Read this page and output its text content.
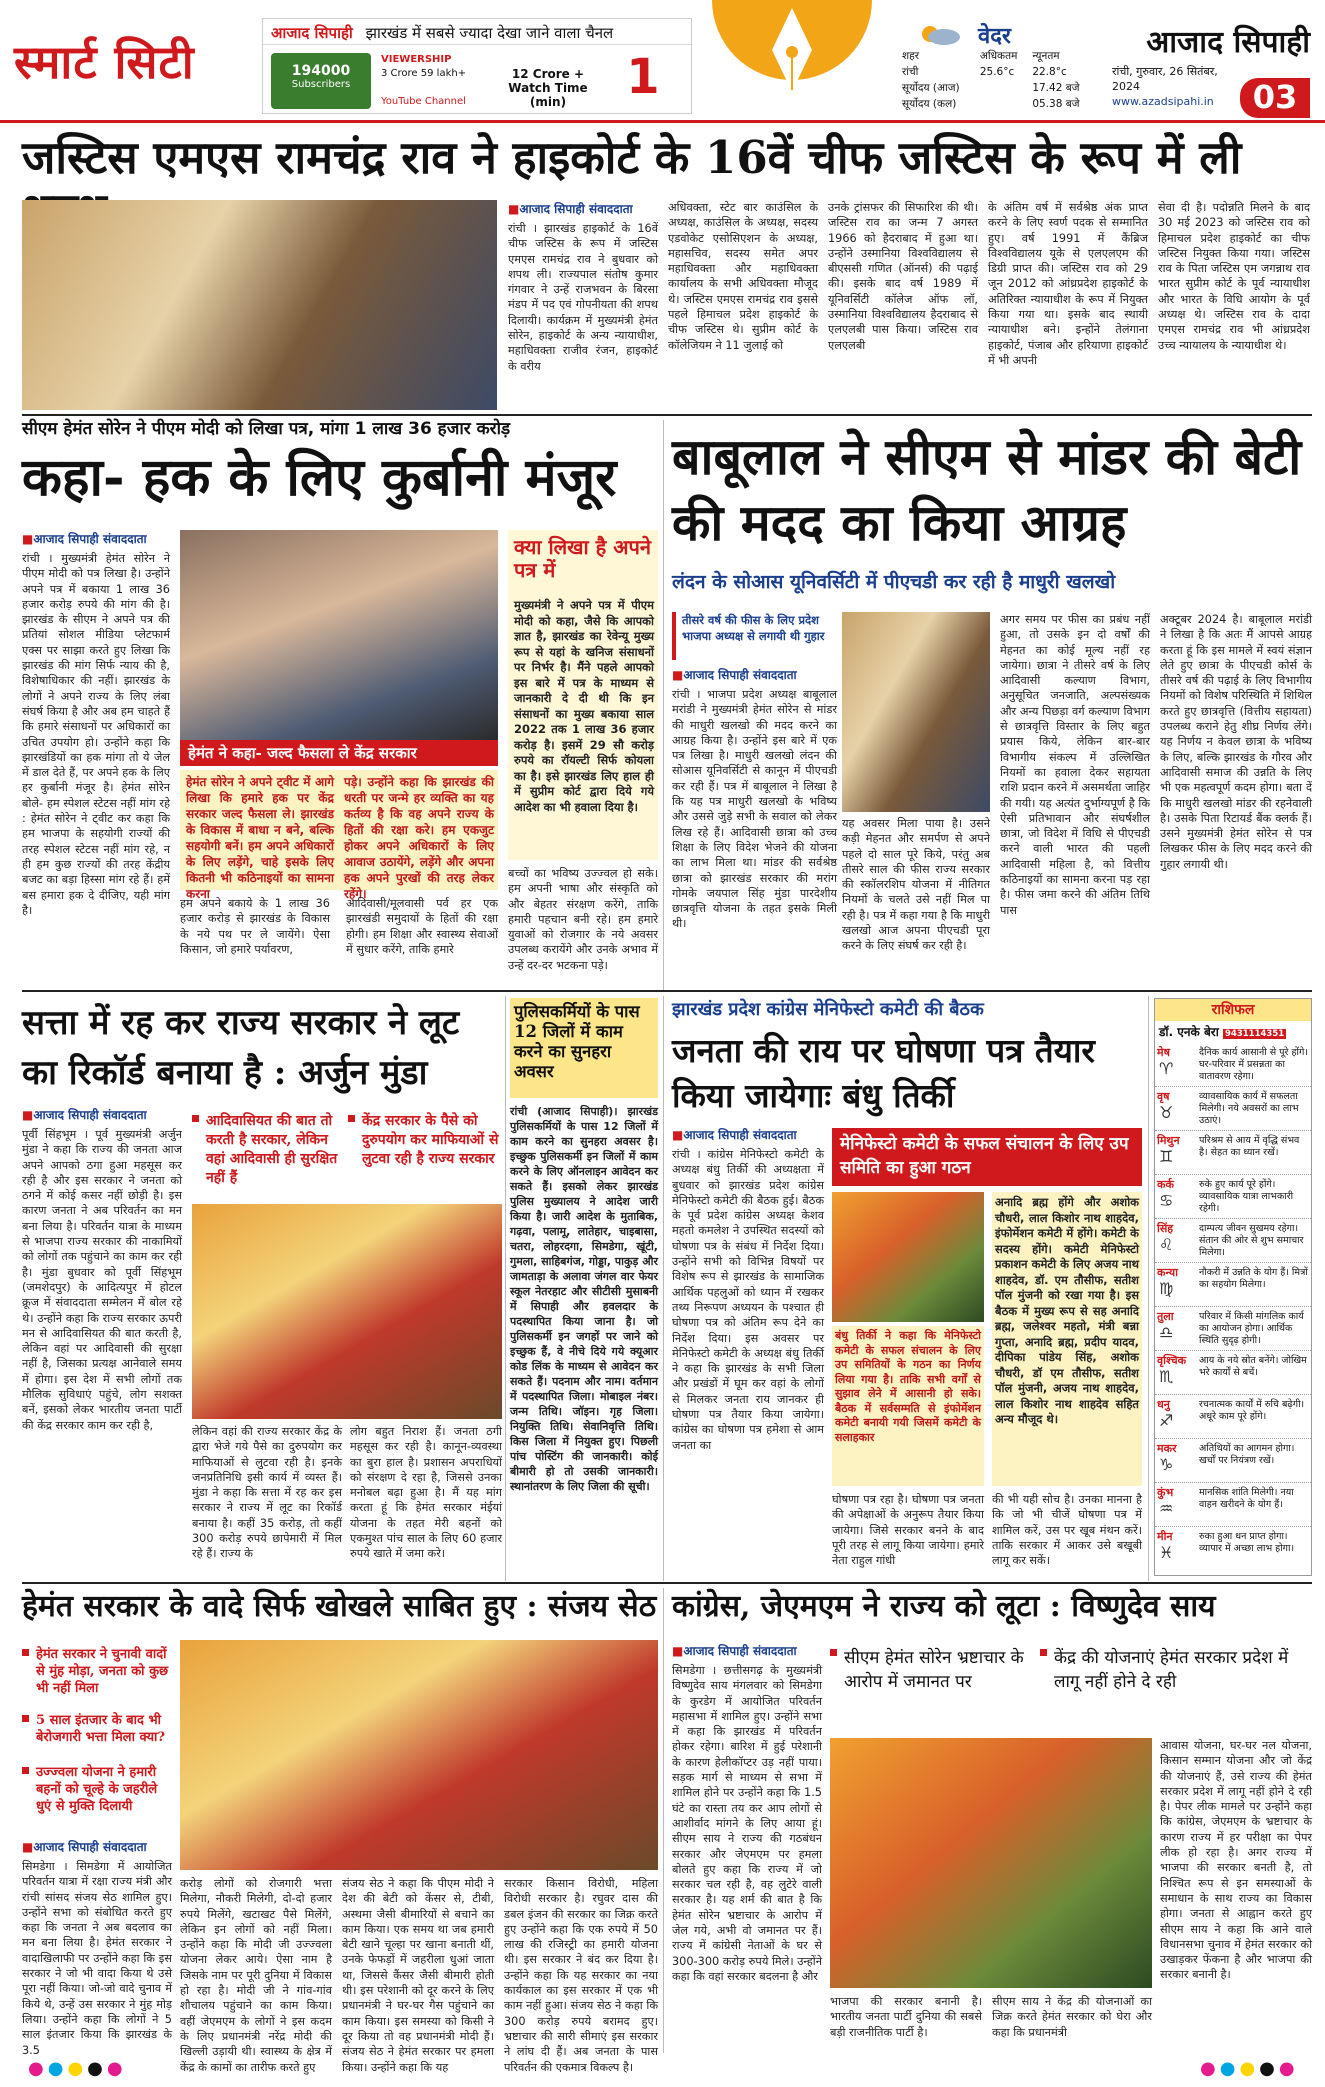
स्मार्ट सिटी
आजाद सिपाही झारखंड में सबसे ज्यादा देखा जाने वाला चैनल
194000
Subscribers
VIEWERSHIP
3 Crore 59 lakh+
YouTube Channel
12 Crore + Watch Time (min)	1
वेदर
शहर	अधिकतम	न्यूनतम
रांची	25.6°c	22.8°c
सूर्योदय (आज)		17.42 बजे
सूर्योदय (कल)		05.38 बजे
आजाद सिपाही
रांची, गुरुवार, 26 सितंबर, 2024
www.azadsipahi.in	03
जस्टिस एमएस रामचंद्र राव ने हाइकोर्ट के 16वें चीफ जस्टिस के रूप में ली
■ आजाद सिपाही संवाददाता
रांची । झारखंड हाइकोर्ट के 16वें चीफ जस्टिस के रूप में जस्टिस एमएस रामचंद्र राव ने बुधवार को शपथ ली। राज्यपाल संतोष कुमार गंगवार ने उन्हें राजभवन के बिरसा मंडप में पद एवं गोपनीयता की शपथ दिलायी। कार्यक्रम में मुख्यमंत्री हेमंत सोरेन, हाइकोर्ट के अन्य न्यायाधीश, महाधिवक्ता राजीव रंजन, हाइकोर्ट के वरीय
अधिवक्ता, स्टेट बार काउंसिल के अध्यक्ष, काउंसिल के अध्यक्ष, सदस्य एडवोकेट एसोसिएशन के अध्यक्ष, महासचिव, सदस्य समेत अपर महाधिवक्ता और महाधिवक्ता कार्यालय के सभी अधिवक्ता मौजूद थे। जस्टिस एमएस रामचंद्र राव इससे पहले हिमाचल प्रदेश हाइकोर्ट के चीफ जस्टिस थे। सुप्रीम कोर्ट के कॉलेजियम ने 11 जुलाई को
उनके ट्रांसफर की सिफारिश की थी। जस्टिस राव का जन्म 7 अगस्त 1966 को हैदराबाद में हुआ था। उन्होंने उस्मानिया विश्वविद्यालय से बीएससी गणित (ऑनर्स) की पढ़ाई की। इसके बाद वर्ष 1989 में यूनिवर्सिटी कॉलेज ऑफ लॉ, उस्मानिया विश्वविद्यालय हैदराबाद से एलएलबी पास किया। जस्टिस राव एलएलबी
के अंतिम वर्ष में सर्वश्रेष्ठ अंक प्राप्त करने के लिए स्वर्ण पदक से सम्मानित हुए। वर्ष 1991 में कैंब्रिज विश्वविद्यालय यूके से एलएलएम की डिग्री प्राप्त की। जस्टिस राव को 29 जून 2012 को आंध्रप्रदेश हाइकोर्ट के अतिरिक्त न्यायाधीश के रूप में नियुक्त किया गया था। इसके बाद स्थायी न्यायाधीश बने। इन्होंने तेलंगाना हाइकोर्ट, पंजाब और हरियाणा हाइकोर्ट में भी अपनी
सेवा दी है। पदोन्नति मिलने के बाद 30 मई 2023 को जस्टिस राव को हिमाचल प्रदेश हाइकोर्ट का चीफ जस्टिस नियुक्त किया गया। जस्टिस राव के पिता जस्टिस एम जगन्नाथ राव भारत सुप्रीम कोर्ट के पूर्व न्यायाधीश और भारत के विधि आयोग के पूर्व अध्यक्ष थे। जस्टिस राव के दादा एमएस रामचंद्र राव भी आंध्रप्रदेश उच्च न्यायालय के न्यायाधीश थे।
सीएम हेमंत सोरेन ने पीएम मोदी को लिखा पत्र, मांगा 1 लाख 36 हजार करोड़
कहा- हक के लिए कुर्बानी मंजूर
■ आजाद सिपाही संवाददाता
रांची । मुख्यमंत्री हेमंत सोरेन ने पीएम मोदी को पत्र लिखा है। उन्होंने अपने पत्र में बकाया 1 लाख 36 हजार करोड़ रुपये की मांग की है। झारखंड के सीएम ने अपने पत्र की प्रतियां सोशल मीडिया प्लेटफार्म एक्स पर साझा करते हुए लिखा कि झारखंड की मांग सिर्फ न्याय की है, विशेषाधिकार की नहीं। झारखंड के लोगों ने अपने राज्य के लिए लंबा संघर्ष किया है और अब हम चाहते हैं कि हमारे संसाधनों पर अधिकारों का उचित उपयोग हो। उन्होंने कहा कि झारखंडियों का हक मांगा तो ये जेल में डाल देते हैं, पर अपने हक के लिए हर कुर्बानी मंजूर है। हेमंत सोरेन बोले- हम स्पेशल स्टेटस नहीं मांग रहे : हेमंत सोरेन ने ट्वीट कर कहा कि हम भाजपा के सहयोगी राज्यों की तरह स्पेशल स्टेटस नहीं मांग रहे, न ही हम कुछ राज्यों की तरह केंद्रीय बजट का बड़ा हिस्सा मांग रहे हैं। हमें बस हमारा हक दे दीजिए, यही मांग है।
हेमंत ने कहा- जल्द फैसला ले केंद्र सरकार
हेमंत सोरेन ने अपने ट्वीट में आगे लिखा कि हमारे हक पर केंद्र सरकार जल्द फैसला ले। झारखंड के विकास में बाधा न बने, बल्कि सहयोगी बनें। हम अपने अधिकारों के लिए लड़ेंगे, चाहे इसके लिए कितनी भी कठिनाइयों का सामना करना
पड़े। उन्होंने कहा कि झारखंड की धरती पर जन्मे हर व्यक्ति का यह कर्तव्य है कि वह अपने राज्य के हितों की रक्षा करे। हम एकजुट होकर अपने अधिकारों के लिए आवाज उठायेंगे, लड़ेंगे और अपना हक अपने पुरखों की तरह लेकर रहेंगे।
हम अपने बकाये के 1 लाख 36 हजार करोड़ से झारखंड के विकास के नये पथ पर ले जायेंगे। ऐसा किसान, जो हमारे पर्यावरण,
आदिवासी/मूलवासी पर्व हर एक झारखंडी समुदायों के हितों की रक्षा होगी। हम शिक्षा और स्वास्थ्य सेवाओं में सुधार करेंगे, ताकि हमारे
क्या लिखा है अपने पत्र में
मुख्यमंत्री ने अपने पत्र में पीएम मोदी को कहा, जैसे कि आपको ज्ञात है, झारखंड का रेवेन्यू मुख्य रूप से यहां के खनिज संसाधनों पर निर्भर है। मैंने पहले आपको इस बारे में पत्र के माध्यम से जानकारी दे दी थी कि इन संसाधनों का मुख्य बकाया साल 2022 तक 1 लाख 36 हजार करोड़ है। इसमें 29 सौ करोड़ रुपये का रॉयल्टी सिर्फ कोयला का है। इसे झारखंड लिए हाल ही में सुप्रीम कोर्ट द्वारा दिये गये आदेश का भी हवाला दिया है।
बच्चों का भविष्य उज्ज्वल हो सके। हम अपनी भाषा और संस्कृति को और बेहतर संरक्षण करेंगे, ताकि हमारी पहचान बनी रहे। हम हमारे युवाओं को रोजगार के नये अवसर उपलब्ध करायेंगे और उनके अभाव में उन्हें दर-दर भटकना पड़े।
बाबूलाल ने सीएम से मांडर की बेटी की मदद का किया आग्रह
लंदन के सोआस यूनिवर्सिटी में पीएचडी कर रही है माधुरी खलखो
तीसरे वर्ष की फीस के लिए प्रदेश भाजपा अध्यक्ष से लगायी थी गुहार
■ आजाद सिपाही संवाददाता
रांची । भाजपा प्रदेश अध्यक्ष बाबूलाल मरांडी ने मुख्यमंत्री हेमंत सोरेन से मांडर की माधुरी खलखो की मदद करने का आग्रह किया है। उन्होंने इस बारे में एक पत्र लिखा है। माधुरी खलखो लंदन की सोआस यूनिवर्सिटी से कानून में पीएचडी कर रही हैं। पत्र में बाबूलाल ने लिखा है कि यह पत्र माधुरी खलखो के भविष्य और उससे जुड़े सभी के सवाल को लेकर लिख रहे हैं। आदिवासी छात्रा को उच्च शिक्षा के लिए विदेश भेजने की योजना का लाभ मिला था। मांडर की सर्वश्रेष्ठ छात्रा को झारखंड सरकार की मरांग गोमके जयपाल सिंह मुंडा पारदेशीय छात्रवृत्ति योजना के तहत इसके मिली थी।
यह अवसर मिला पाया है। उसने कड़ी मेहनत और समर्पण से अपने पहले दो साल पूरे किये, परंतु अब तीसरे साल की फीस राज्य सरकार की स्कॉलरशिप योजना में नीतिगत नियमों के चलते उसे नहीं मिल पा रही है। पत्र में कहा गया है कि माधुरी खलखो आज अपना पीएचडी पूरा करने के लिए संघर्ष कर रही है।
अगर समय पर फीस का प्रबंध नहीं हुआ, तो उसके इन दो वर्षों की मेहनत का कोई मूल्य नहीं रह जायेगा। छात्रा ने तीसरे वर्ष के लिए आदिवासी कल्याण विभाग, अनुसूचित जनजाति, अल्पसंख्यक और अन्य पिछड़ा वर्ग कल्याण विभाग से छात्रवृत्ति विस्तार के लिए बहुत प्रयास किये, लेकिन बार-बार विभागीय संकल्प में उल्लिखित नियमों का हवाला देकर सहायता राशि प्रदान करने में असमर्थता जाहिर की गयी। यह अत्यंत दुर्भाग्यपूर्ण है कि ऐसी प्रतिभावान और संघर्षशील छात्रा, जो विदेश में विधि से पीएचडी करने वाली भारत की पहली आदिवासी महिला है, को वित्तीय कठिनाइयों का सामना करना पड़ रहा है। फीस जमा करने की अंतिम तिथि पास
अक्टूबर 2024 है। बाबूलाल मरांडी ने लिखा है कि अतः मैं आपसे आग्रह करता हूं कि इस मामले में स्वयं संज्ञान लेते हुए छात्रा के पीएचडी कोर्स के तीसरे वर्ष की पढ़ाई के लिए विभागीय नियमों को विशेष परिस्थिति में शिथिल करते हुए छात्रवृत्ति (वित्तीय सहायता) उपलब्ध कराने हेतु शीघ्र निर्णय लेंगे। यह निर्णय न केवल छात्रा के भविष्य के लिए, बल्कि झारखंड के गौरव और आदिवासी समाज की उन्नति के लिए भी एक महत्वपूर्ण कदम होगा। बता दें कि माधुरी खलखो मांडर की रहनेवाली है। उसके पिता रिटायर्ड बैंक क्लर्क हैं। उसने मुख्यमंत्री हेमंत सोरेन से पत्र लिखकर फीस के लिए मदद करने की गुहार लगायी थी।
सत्ता में रह कर राज्य सरकार ने लूट का रिकॉर्ड बनाया है : अर्जुन मुंडा
■ आजाद सिपाही संवाददाता
पूर्वी सिंहभूम । पूर्व मुख्यमंत्री अर्जुन मुंडा ने कहा कि राज्य की जनता आज अपने आपको ठगा हुआ महसूस कर रही है और इस सरकार ने जनता को ठगने में कोई कसर नहीं छोड़ी है। इस कारण जनता ने अब परिवर्तन का मन बना लिया है। परिवर्तन यात्रा के माध्यम से भाजपा राज्य सरकार की नाकामियों को लोगों तक पहुंचाने का काम कर रही है। मुंडा बुधवार को पूर्वी सिंहभूम (जमशेदपुर) के आदित्यपुर में होटल क्रूज में संवाददाता सम्मेलन में बोल रहे थे। उन्होंने कहा कि राज्य सरकार ऊपरी मन से आदिवासियत की बात करती है, लेकिन वहां पर आदिवासी की सुरक्षा नहीं है, जिसका प्रत्यक्ष आनेवाले समय में होगा। इस देश में सभी लोगों तक मौलिक सुविधाएं पहुंचे, लोग सशक्त बनें, इसको लेकर भारतीय जनता पार्टी की केंद्र सरकार काम कर रही है,
आदिवासियत की बात तो करती है सरकार, लेकिन वहां आदिवासी ही सुरक्षित नहीं हैं
केंद्र सरकार के पैसे को दुरुपयोग कर माफियाओं से लुटवा रही है राज्य सरकार
लेकिन वहां की राज्य सरकार केंद्र के द्वारा भेजे गये पैसे का दुरुपयोग कर माफियाओं से लुटवा रही है। इनके जनप्रतिनिधि इसी कार्य में व्यस्त हैं। मुंडा ने कहा कि सत्ता में रह कर इस सरकार ने राज्य में लूट का रिकॉर्ड बनाया है। कहीं 35 करोड़, तो कहीं 300 करोड़ रुपये छापेमारी में मिल रहे हैं। राज्य के
लोग बहुत निराश हैं। जनता ठगी महसूस कर रही है। कानून-व्यवस्था का बुरा हाल है। प्रशासन अपराधियों को संरक्षण दे रहा है, जिससे उनका मनोबल बढ़ा हुआ है। मैं यह मांग करता हूं कि हेमंत सरकार मंईयां योजना के तहत मेरी बहनों को एकमुश्त पांच साल के लिए 60 हजार रुपये खाते में जमा करे।
पुलिसकर्मियों के पास 12 जिलों में काम करने का सुनहरा अवसर
रांची (आजाद सिपाही)। झारखंड पुलिसकर्मियों के पास 12 जिलों में काम करने का सुनहरा अवसर है। इच्छुक पुलिसकर्मी इन जिलों में काम करने के लिए ऑनलाइन आवेदन कर सकते हैं। इसको लेकर झारखंड पुलिस मुख्यालय ने आदेश जारी किया है। जारी आदेश के मुताबिक, गढ़वा, पलामू, लातेहार, चाइबासा, चतरा, लोहरदगा, सिमडेगा, खूंटी, गुमला, साहिबगंज, गोड्डा, पाकुड़ और जामताड़ा के अलावा जंगल वार फेयर स्कूल नेतरहाट और सीटीसी मुसाबनी में सिपाही और हवलदार के पदस्थापित किया जाना है। जो पुलिसकर्मी इन जगहों पर जाने को इच्छुक हैं, वे नीचे दिये गये क्यूआर कोड लिंक के माध्यम से आवेदन कर सकते हैं। पदनाम और नाम। वर्तमान में पदस्थापित जिला। मोबाइल नंबर। जन्म तिथि। जॉइन। गृह जिला। नियुक्ति तिथि। सेवानिवृत्ति तिथि। किस जिला में नियुक्त हुए। पिछली पांच पोस्टिंग की जानकारी। कोई बीमारी हो तो उसकी जानकारी। स्थानांतरण के लिए जिला की सूची।
झारखंड प्रदेश कांग्रेस मेनिफेस्टो कमेटी की बैठक
जनता की राय पर घोषणा पत्र तैयार किया जायेगाः बंधु तिर्की
■ आजाद सिपाही संवाददाता
रांची । कांग्रेस मेनिफेस्टो कमेटी के अध्यक्ष बंधु तिर्की की अध्यक्षता में बुधवार को झारखंड प्रदेश कांग्रेस मेनिफेस्टो कमेटी की बैठक हुई। बैठक के पूर्व प्रदेश कांग्रेस अध्यक्ष केशव महतो कमलेश ने उपस्थित सदस्यों को घोषणा पत्र के संबंध में निर्देश दिया। उन्होंने सभी को विभिन्न विषयों पर विशेष रूप से झारखंड के सामाजिक आर्थिक पहलुओं को ध्यान में रखकर तथ्य निरूपण अध्ययन के पश्चात ही घोषणा पत्र को अंतिम रूप देने का निर्देश दिया। इस अवसर पर मेनिफेस्टो कमेटी के अध्यक्ष बंधु तिर्की ने कहा कि झारखंड के सभी जिला और प्रखंडों में घूम कर वहां के लोगों से मिलकर जनता राय जानकर ही घोषणा पत्र तैयार किया जायेगा। कांग्रेस का घोषणा पत्र हमेशा से आम जनता का
मेनिफेस्टो कमेटी के सफल संचालन के लिए उप समिति का हुआ गठन
बंधु तिर्की ने कहा कि मेनिफेस्टो कमेटी के सफल संचालन के लिए उप समितियों के गठन का निर्णय लिया गया है। ताकि सभी वर्गों से सुझाव लेने में आसानी हो सके। बैठक में सर्वसम्मति से इंफोर्मेशन कमेटी बनायी गयी जिसमें कमेटी के सलाहकार
अनादि ब्रह्म होंगे और अशोक चौधरी, लाल किशोर नाथ शाहदेव, इंफोर्मेशन कमेटी में होंगे। कमेटी के सदस्य होंगे। कमेटी मेनिफेस्टो प्रकाशन कमेटी के लिए अजय नाथ शाहदेव, डॉ. एम तौसीफ, सतीश पॉल मुंजनी को रखा गया है। इस बैठक में मुख्य रूप से सह अनादि ब्रह्म, जलेश्वर महतो, मंत्री बन्ना गुप्ता, अनादि ब्रह्म, प्रदीप यादव, दीपिका पांडेय सिंह, अशोक चौधरी, डॉ एम तौसीफ, सतीश पॉल मुंजनी, अजय नाथ शाहदेव, लाल किशोर नाथ शाहदेव सहित अन्य मौजूद थे।
घोषणा पत्र रहा है। घोषणा पत्र जनता की अपेक्षाओं के अनुरूप तैयार किया जायेगा। जिसे सरकार बनने के बाद पूरी तरह से लागू किया जायेगा। हमारे नेता राहुल गांधी
की भी यही सोच है। उनका मानना है कि जो भी चीजें घोषणा पत्र में शामिल करें, उस पर खूब मंथन करें। ताकि सरकार में आकर उसे बखूबी लागू कर सकें।
राशिफल
डॉ. एनके बेरा 9431114351
मेष
♈
दैनिक कार्य आसानी से पूरे होंगे। घर-परिवार में प्रसन्नता का वातावरण रहेगा।
वृष
♉
व्यावसायिक कार्य में सफलता मिलेगी। नये अवसरों का लाभ उठाएं।
मिथुन
♊
परिश्रम से आय में वृद्धि संभव है। सेहत का ध्यान रखें।
कर्क
♋
रुके हुए कार्य पूरे होंगे। व्यावसायिक यात्रा लाभकारी रहेगी।
सिंह
♌
दाम्पत्य जीवन सुखमय रहेगा। संतान की ओर से शुभ समाचार मिलेगा।
कन्या
♍
नौकरी में उन्नति के योग हैं। मित्रों का सहयोग मिलेगा।
तुला
♎
परिवार में किसी मांगलिक कार्य का आयोजन होगा। आर्थिक स्थिति सुदृढ़ होगी।
वृश्चिक
♏
आय के नये स्रोत बनेंगे। जोखिम भरे कार्यों से बचें।
धनु
♐
रचनात्मक कार्यों में रुचि बढ़ेगी। अधूरे काम पूरे होंगे।
मकर
♑
अतिथियों का आगमन होगा। खर्चों पर नियंत्रण रखें।
कुंभ
♒
मानसिक शांति मिलेगी। नया वाहन खरीदने के योग हैं।
मीन
♓
रुका हुआ धन प्राप्त होगा। व्यापार में अच्छा लाभ होगा।
हेमंत सरकार के वादे सिर्फ खोखले साबित हुए : संजय सेठ
हेमंत सरकार ने चुनावी वादों से मुंह मोड़ा, जनता को कुछ भी नहीं मिला
5 साल इंतजार के बाद भी बेरोजगारी भत्ता मिला क्या?
उज्ज्वला योजना ने हमारी बहनों को चूल्हे के जहरीले धुएं से मुक्ति दिलायी
■ आजाद सिपाही संवाददाता
सिमडेगा । सिमडेगा में आयोजित परिवर्तन यात्रा में रक्षा राज्य मंत्री और रांची सांसद संजय सेठ शामिल हुए। उन्होंने सभा को संबोधित करते हुए कहा कि जनता ने अब बदलाव का मन बना लिया है। हेमंत सरकार ने वादाखिलाफी पर उन्होंने कहा कि इस सरकार ने जो भी वादा किया थे उसे पूरा नहीं किया। जो-जो वादे चुनाव में किये थे, उन्हें उस सरकार ने मुंह मोड़ लिया। उन्होंने कहा कि लोगों ने 5 साल इंतजार किया कि झारखंड के 3.5
करोड़ लोगों को रोजगारी भत्ता मिलेगा, नौकरी मिलेगी, दो-दो हजार रुपये मिलेंगे, खटाखट पैसे मिलेंगे, लेकिन इन लोगों को नहीं मिला। उन्होंने कहा कि मोदी जी उज्ज्वला योजना लेकर आये। ऐसा नाम है जिसके नाम पर पूरी दुनिया में विकास हो रहा है। मोदी जी ने गांव-गांव शौचालय पहुंचाने का काम किया। वहीं जेएमएम के लोगों ने इस कदम के लिए प्रधानमंत्री नरेंद्र मोदी की खिल्ली उड़ायी थी। स्वास्थ्य के क्षेत्र में केंद्र के कामों का तारीफ करते हुए
संजय सेठ ने कहा कि पीएम मोदी ने देश की बेटी को केंसर से, टीबी, अस्थमा जैसी बीमारियों से बचाने का काम किया। एक समय था जब हमारी बेटी खाने चूल्हा पर खाना बनाती थीं, उनके फेफड़ों में जहरीला धुआं जाता था, जिससे कैंसर जैसी बीमारी होती थी। इस परेशानी को दूर करने के लिए प्रधानमंत्री ने घर-घर गैस पहुंचाने का काम किया। इस समस्या को किसी ने दूर किया तो वह प्रधानमंत्री मोदी हैं। संजय सेठ ने हेमंत सरकार पर हमला किया। उन्होंने कहा कि यह
सरकार किसान विरोधी, महिला विरोधी सरकार है। रघुवर दास की डबल इंजन की सरकार का जिक्र करते हुए उन्होंने कहा कि एक रुपये में 50 लाख की रजिस्ट्री का हमारी योजना थी। इस सरकार ने बंद कर दिया है। उन्होंने कहा कि यह सरकार का नया कार्यकाल का इस सरकार में एक भी काम नहीं हुआ। संजय सेठ ने कहा कि 300 करोड़ रुपये बरामद हुए। भ्रष्टाचार की सारी सीमाएं इस सरकार ने लांघ दी हैं। अब जनता के पास परिवर्तन की एकमात्र विकल्प है।
कांग्रेस, जेएमएम ने राज्य को लूटा : विष्णुदेव साय
■ आजाद सिपाही संवाददाता
सिमडेगा । छत्तीसगढ़ के मुख्यमंत्री विष्णुदेव साय मंगलवार को सिमडेगा के कुरडेग में आयोजित परिवर्तन महासभा में शामिल हुए। उन्होंने सभा में कहा कि झारखंड में परिवर्तन होकर रहेगा। बारिश में हुई परेशानी के कारण हेलीकॉप्टर उड़ नहीं पाया। सड़क मार्ग से माध्यम से सभा में शामिल होने पर उन्होंने कहा कि 1.5 घंटे का रास्ता तय कर आप लोगों से आशीर्वाद मांगने के लिए आया हूं। सीएम साय ने राज्य की गठबंधन सरकार और जेएमएम पर हमला बोलते हुए कहा कि राज्य में जो सरकार चल रही है, वह लुटेरे वाली सरकार है। यह शर्म की बात है कि हेमंत सोरेन भ्रष्टाचार के आरोप में जेल गये, अभी वो जमानत पर हैं। राज्य में कांग्रेसी नेताओं के घर से 300-300 करोड़ रुपये मिले। उन्होंने कहा कि वहां सरकार बदलना है और
सीएम हेमंत सोरेन भ्रष्टाचार के आरोप में जमानत पर
केंद्र की योजनाएं हेमंत सरकार प्रदेश में लागू नहीं होने दे रही
भाजपा की सरकार बनानी है। भारतीय जनता पार्टी दुनिया की सबसे बड़ी राजनीतिक पार्टी है।
सीएम साय ने केंद्र की योजनाओं का जिक्र करते हेमंत सरकार को घेरा और कहा कि प्रधानमंत्री
आवास योजना, घर-घर नल योजना, किसान सम्मान योजना और जो केंद्र की योजनाएं हैं, उसे राज्य की हेमंत सरकार प्रदेश में लागू नहीं होने दे रही है। पेपर लीक मामले पर उन्होंने कहा कि कांग्रेस, जेएमएम के भ्रष्टाचार के कारण राज्य में हर परीक्षा का पेपर लीक हो रहा है। अगर राज्य में भाजपा की सरकार बनती है, तो निश्चित रूप से इन समस्याओं के समाधान के साथ राज्य का विकास होगा। जनता से आह्वान करते हुए सीएम साय ने कहा कि आने वाले विधानसभा चुनाव में हेमंत सरकार को उखाड़कर फेंकना है और भाजपा की सरकार बनानी है।
●●●●●	●●●●●
